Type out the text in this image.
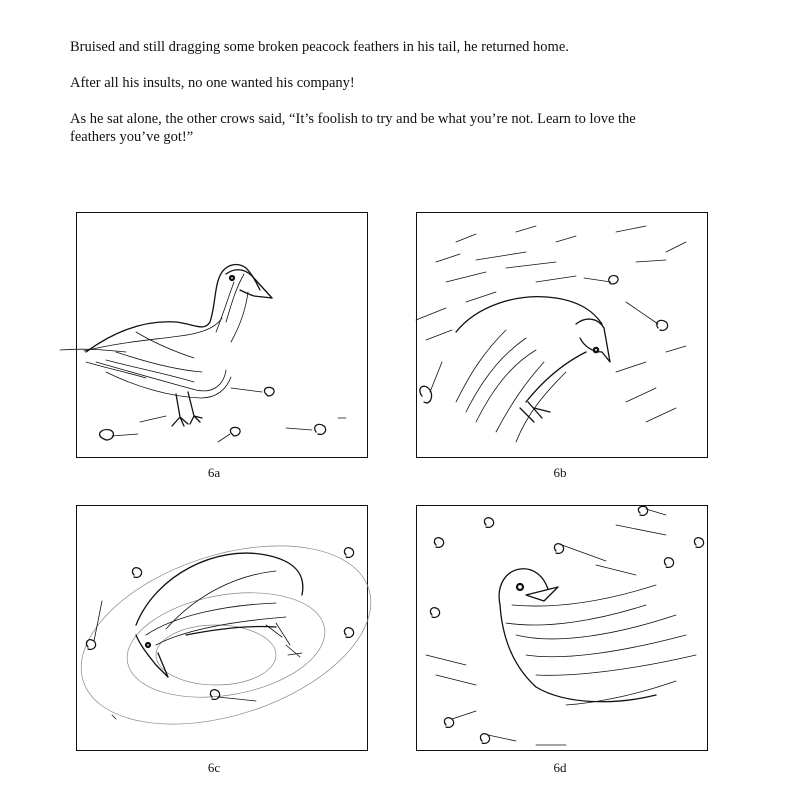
Bruised and still dragging some broken peacock feathers in his tail, he returned home.

After all his insults, no one wanted his company!

As he sat alone, the other crows said, “It’s foolish to try and be what you’re not. Learn to love the feathers you’ve got!”

6a	6b
6c	6d
